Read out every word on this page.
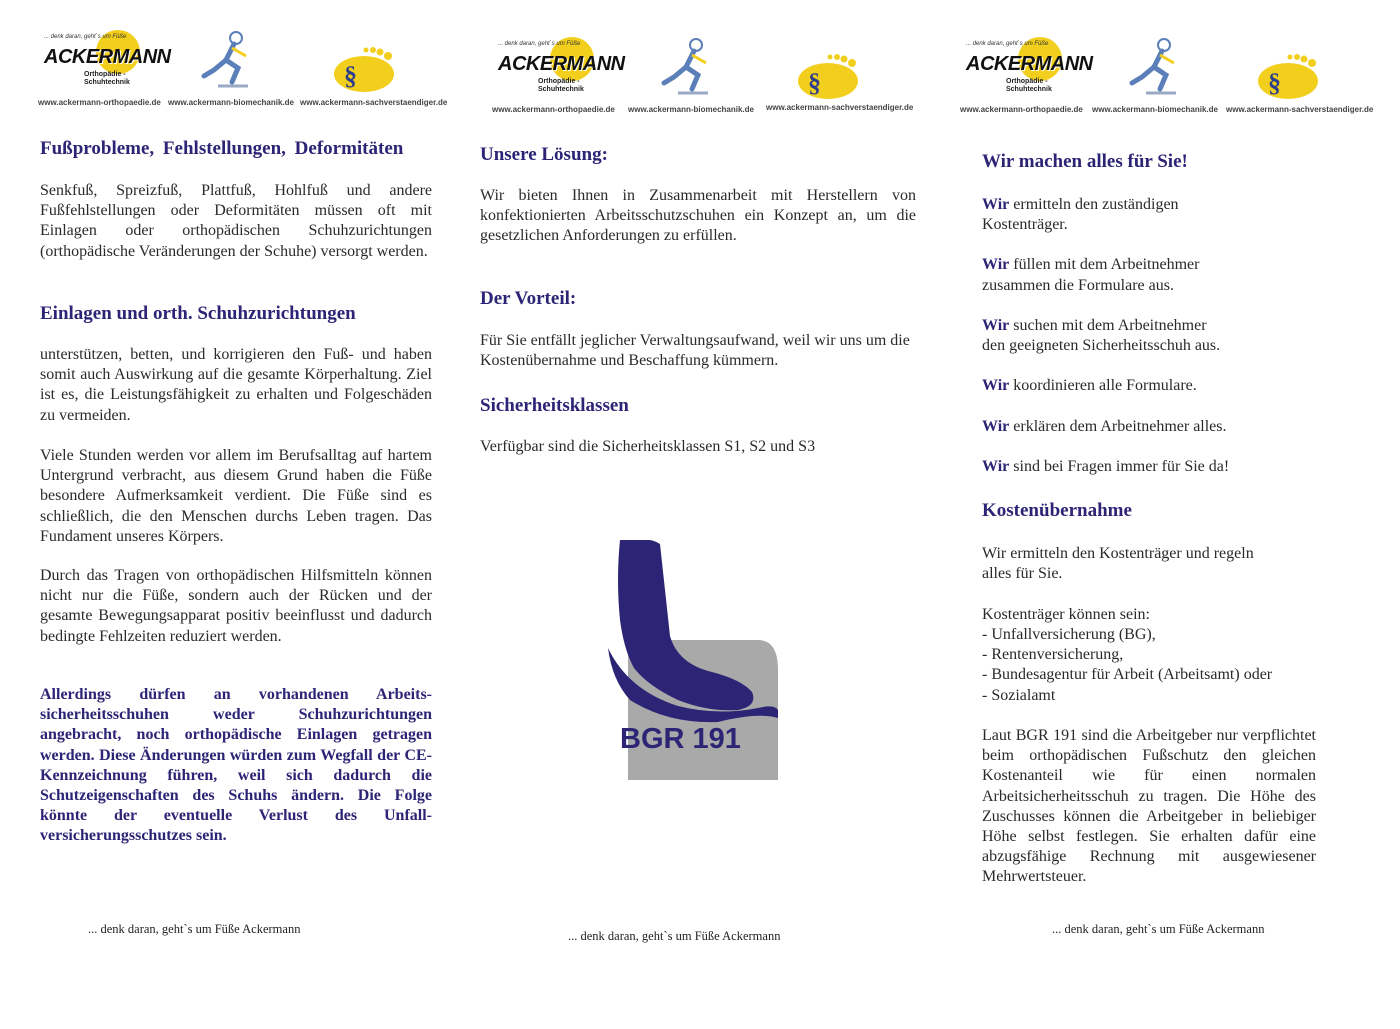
... denk daran, geht`s um Füße
ACKERMANN
Orthopädie -
Schuhtechnik	§
www.ackermann-orthopaedie.de www.ackermann-biomechanik.de www.ackermann-sachverstaendiger.de
... denk daran, geht`s um Füße
ACKERMANN
Orthopädie -
Schuhtechnik	§
www.ackermann-orthopaedie.de www.ackermann-biomechanik.de www.ackermann-sachverstaendiger.de
... denk daran, geht`s um Füße
ACKERMANN
Orthopädie -
Schuhtechnik	§
www.ackermann-orthopaedie.de www.ackermann-biomechanik.de www.ackermann-sachverstaendiger.de
Fußprobleme, Fehlstellungen, Deformitäten

Senkfuß, Spreizfuß, Plattfuß, Hohlfuß und andere Fußfehlstellungen oder Deformitäten müssen oft mit Einlagen oder orthopädischen Schuhzurichtungen (orthopädische Veränderungen der Schuhe) versorgt werden.

Einlagen und orth. Schuhzurichtungen

unterstützen, betten, und korrigieren den Fuß- und haben somit auch Auswirkung auf die gesamte Körperhaltung. Ziel ist es, die Leistungsfähigkeit zu erhalten und Folgeschäden zu vermeiden.

Viele Stunden werden vor allem im Berufsalltag auf hartem Untergrund verbracht, aus diesem Grund haben die Füße besondere Aufmerksamkeit verdient. Die Füße sind es schließlich, die den Menschen durchs Leben tragen. Das Fundament unseres Körpers.

Durch das Tragen von orthopädischen Hilfsmitteln können nicht nur die Füße, sondern auch der Rücken und der gesamte Bewegungsapparat positiv beeinflusst und dadurch bedingte Fehlzeiten reduziert werden.

Allerdings dürfen an vorhandenen Arbeits-sicherheitsschuhen weder Schuhzurichtungen angebracht, noch orthopädische Einlagen getragen werden. Diese Änderungen würden zum Wegfall der CE-Kennzeichnung führen, weil sich dadurch die Schutzeigenschaften des Schuhs ändern. Die Folge könnte der eventuelle Verlust des Unfall-versicherungsschutzes sein.

... denk daran, geht`s um Füße Ackermann
Unsere Lösung:

Wir bieten Ihnen in Zusammenarbeit mit Herstellern von konfektionierten Arbeitsschutzschuhen ein Konzept an, um die gesetzlichen Anforderungen zu erfüllen.

Der Vorteil:

Für Sie entfällt jeglicher Verwaltungsaufwand, weil wir uns um die Kostenübernahme und Beschaffung kümmern.

Sicherheitsklassen

Verfügbar sind die Sicherheitsklassen S1, S2 und S3

BGR 191
... denk daran, geht`s um Füße Ackermann
Wir machen alles für Sie!

Wir ermitteln den zuständigen
Kostenträger.

Wir füllen mit dem Arbeitnehmer
zusammen die Formulare aus.

Wir suchen mit dem Arbeitnehmer
den geeigneten Sicherheitsschuh aus.

Wir koordinieren alle Formulare.

Wir erklären dem Arbeitnehmer alles.

Wir sind bei Fragen immer für Sie da!

Kostenübernahme

Wir ermitteln den Kostenträger und regeln
alles für Sie.

Kostenträger können sein:

- Unfallversicherung (BG),

- Rentenversicherung,

- Bundesagentur für Arbeit (Arbeitsamt) oder

- Sozialamt

Laut BGR 191 sind die Arbeitgeber nur verpflichtet beim orthopädischen Fußschutz den gleichen Kostenanteil wie für einen normalen Arbeitsicherheitsschuh zu tragen. Die Höhe des Zuschusses können die Arbeitgeber in beliebiger Höhe selbst festlegen. Sie erhalten dafür eine abzugsfähige Rechnung mit ausgewiesener Mehrwertsteuer.

... denk daran, geht`s um Füße Ackermann
